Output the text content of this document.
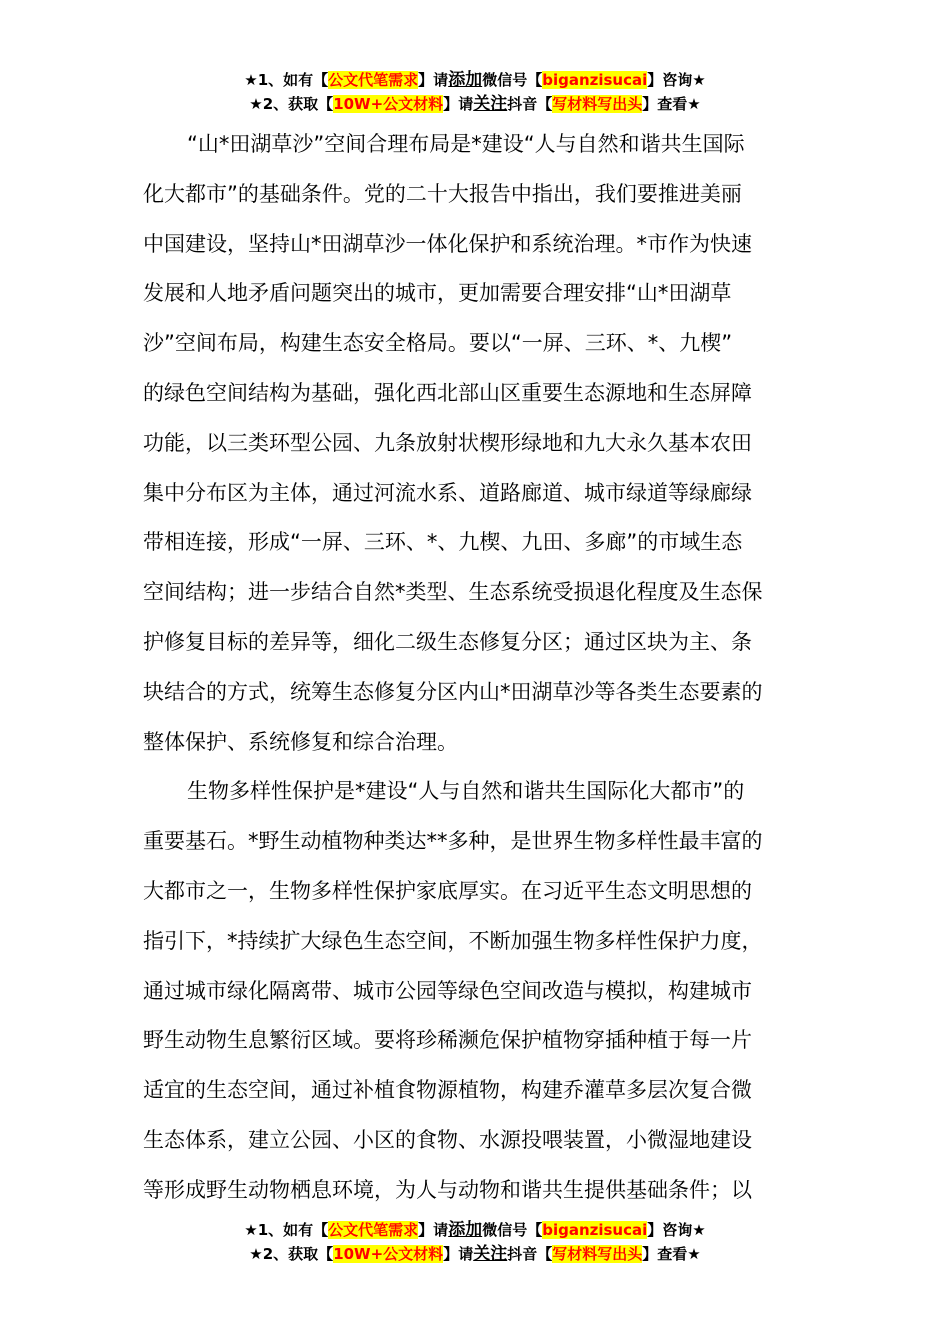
★1、如有【公文代笔需求】请添加微信号【biganzisucai】咨询★
★2、获取【10W+公文材料】请关注抖音【写材料写出头】查看★
“山*田湖草沙”空间合理布局是*建设“人与自然和谐共生国际
化大都市”的基础条件。党的二十大报告中指出，我们要推进美丽
中国建设，坚持山*田湖草沙一体化保护和系统治理。*市作为快速
发展和人地矛盾问题突出的城市，更加需要合理安排“山*田湖草
沙”空间布局，构建生态安全格局。要以“一屏、三环、*、九楔”
的绿色空间结构为基础，强化西北部山区重要生态源地和生态屏障
功能，以三类环型公园、九条放射状楔形绿地和九大永久基本农田
集中分布区为主体，通过河流水系、道路廊道、城市绿道等绿廊绿
带相连接，形成“一屏、三环、*、九楔、九田、多廊”的市域生态
空间结构；进一步结合自然*类型、生态系统受损退化程度及生态保
护修复目标的差异等，细化二级生态修复分区；通过区块为主、条
块结合的方式，统筹生态修复分区内山*田湖草沙等各类生态要素的
整体保护、系统修复和综合治理。
生物多样性保护是*建设“人与自然和谐共生国际化大都市”的
重要基石。*野生动植物种类达**多种，是世界生物多样性最丰富的
大都市之一，生物多样性保护家底厚实。在习近平生态文明思想的
指引下，*持续扩大绿色生态空间，不断加强生物多样性保护力度，
通过城市绿化隔离带、城市公园等绿色空间改造与模拟，构建城市
野生动物生息繁衍区域。要将珍稀濒危保护植物穿插种植于每一片
适宜的生态空间，通过补植食物源植物，构建乔灌草多层次复合微
生态体系，建立公园、小区的食物、水源投喂装置，小微湿地建设
等形成野生动物栖息环境，为人与动物和谐共生提供基础条件；以
★1、如有【公文代笔需求】请添加微信号【biganzisucai】咨询★
★2、获取【10W+公文材料】请关注抖音【写材料写出头】查看★
